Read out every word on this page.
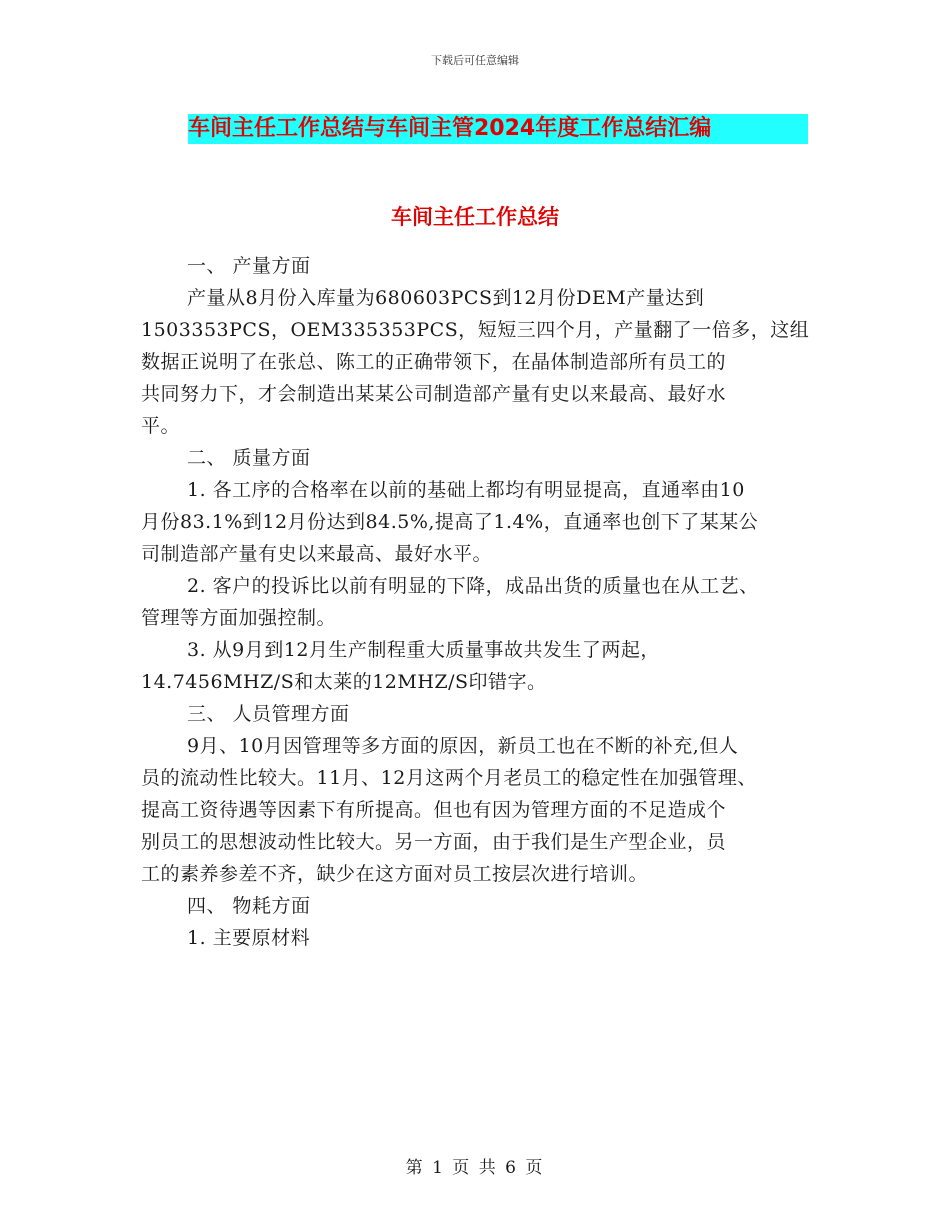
下载后可任意编辑
车间主任工作总结与车间主管2024年度工作总结汇编
车间主任工作总结
一、 产量方面
产量从8月份入库量为680603PCS到12月份DEM产量达到
1503353PCS，OEM335353PCS，短短三四个月，产量翻了一倍多，这组
数据正说明了在张总、陈工的正确带领下，在晶体制造部所有员工的
共同努力下，才会制造出某某公司制造部产量有史以来最高、最好水
平。
二、 质量方面
1. 各工序的合格率在以前的基础上都均有明显提高，直通率由10
月份83.1%到12月份达到84.5%,提高了1.4%，直通率也创下了某某公
司制造部产量有史以来最高、最好水平。
2. 客户的投诉比以前有明显的下降，成品出货的质量也在从工艺、
管理等方面加强控制。
3. 从9月到12月生产制程重大质量事故共发生了两起，
14.7456MHZ/S和太莱的12MHZ/S印错字。
三、 人员管理方面
9月、10月因管理等多方面的原因，新员工也在不断的补充,但人
员的流动性比较大。11月、12月这两个月老员工的稳定性在加强管理、
提高工资待遇等因素下有所提高。但也有因为管理方面的不足造成个
别员工的思想波动性比较大。另一方面，由于我们是生产型企业，员
工的素养参差不齐，缺少在这方面对员工按层次进行培训。
四、 物耗方面
1. 主要原材料
第 1 页 共 6 页
